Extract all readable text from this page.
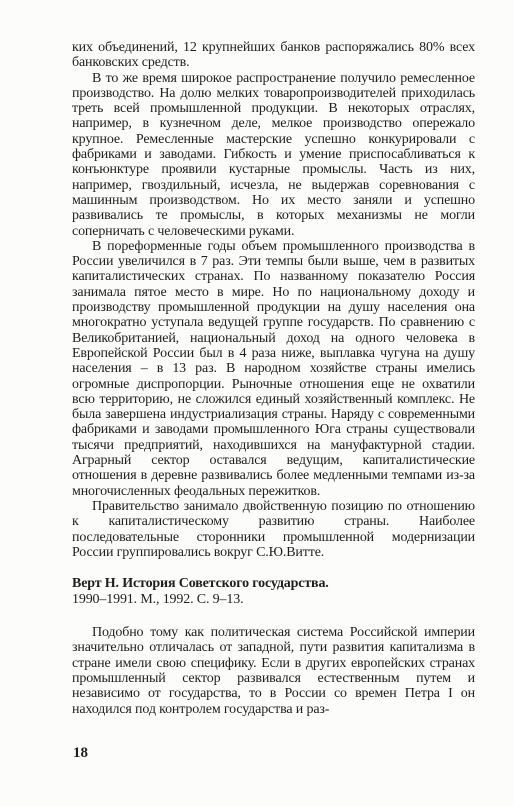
ких объединений, 12 крупнейших банков распоряжались 80% всех банковских средств.

В то же время широкое распространение получило ремесленное производство. На долю мелких товаропроизводителей приходилась треть всей промышленной продукции. В некоторых отраслях, например, в кузнечном деле, мелкое производство опережало крупное. Ремесленные мастерские успешно конкурировали с фабриками и заводами. Гибкость и умение приспосабливаться к конъюнктуре проявили кустарные промыслы. Часть из них, например, гвоздильный, исчезла, не выдержав соревнования с машинным производством. Но их место заняли и успешно развивались те промыслы, в которых механизмы не могли соперничать с человеческими руками.

В пореформенные годы объем промышленного производства в России увеличился в 7 раз. Эти темпы были выше, чем в развитых капиталистических странах. По названному показателю Россия занимала пятое место в мире. Но по национальному доходу и производству промышленной продукции на душу населения она многократно уступала ведущей группе государств. По сравнению с Великобританией, национальный доход на одного человека в Европейской России был в 4 раза ниже, выплавка чугуна на душу населения – в 13 раз. В народном хозяйстве страны имелись огромные диспропорции. Рыночные отношения еще не охватили всю территорию, не сложился единый хозяйственный комплекс. Не была завершена индустриализация страны. Наряду с современными фабриками и заводами промышленного Юга страны существовали тысячи предприятий, находившихся на мануфактурной стадии. Аграрный сектор оставался ведущим, капиталистические отношения в деревне развивались более медленными темпами из-за многочисленных феодальных пережитков.

Правительство занимало двойственную позицию по отношению к капиталистическому развитию страны. Наиболее последовательные сторонники промышленной модернизации России группировались вокруг С.Ю.Витте.

Верт Н. История Советского государства.
1990–1991. М., 1992. С. 9–13.

Подобно тому как политическая система Российской империи значительно отличалась от западной, пути развития капитализма в стране имели свою специфику. Если в других европейских странах промышленный сектор развивался естественным путем и независимо от государства, то в России со времен Петра I он находился под контролем государства и раз-

18
